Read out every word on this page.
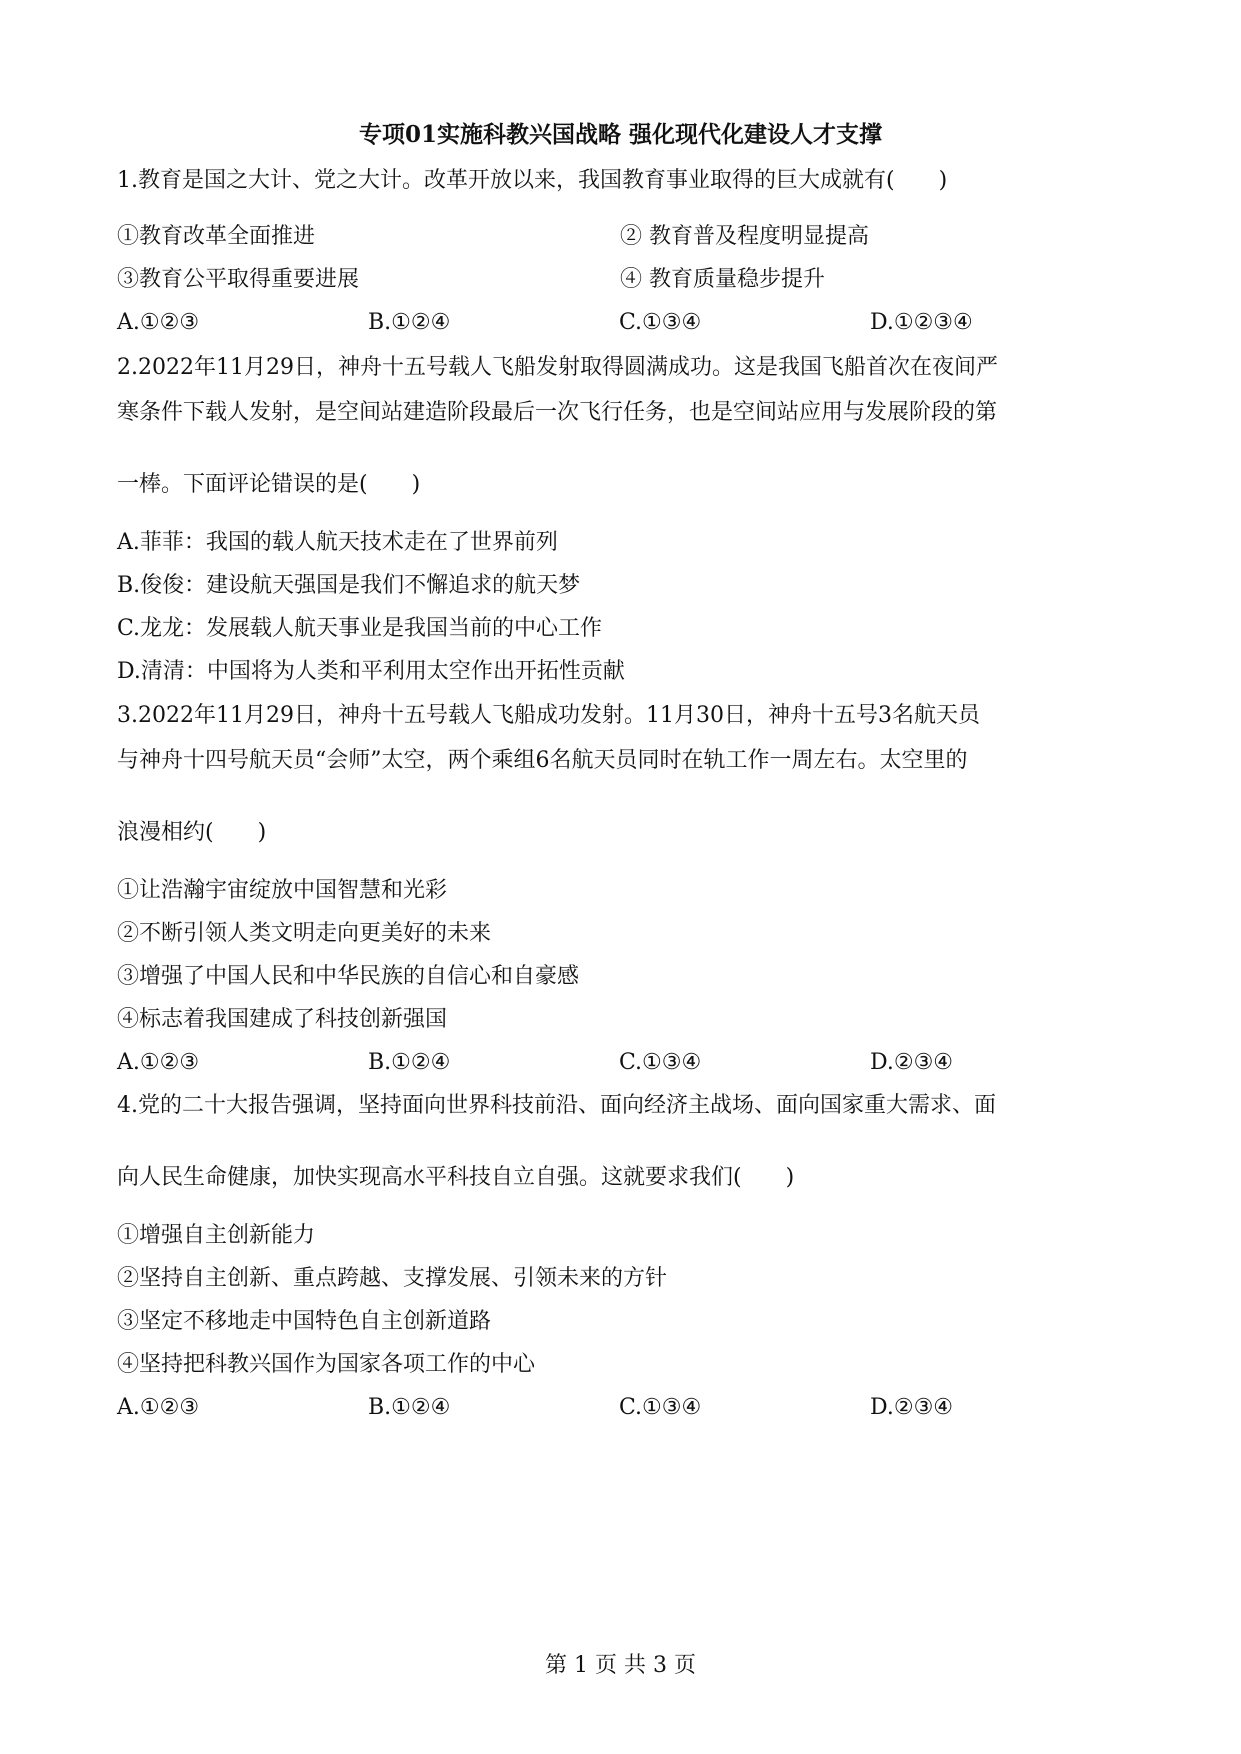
专项01实施科教兴国战略 强化现代化建设人才支撑
1.教育是国之大计、党之大计。改革开放以来，我国教育事业取得的巨大成就有(　　)
①教育改革全面推进	② 教育普及程度明显提高
③教育公平取得重要进展	④ 教育质量稳步提升
A.①②③	B.①②④	C.①③④	D.①②③④
2.2022年11月29日，神舟十五号载人飞船发射取得圆满成功。这是我国飞船首次在夜间严
寒条件下载人发射，是空间站建造阶段最后一次飞行任务，也是空间站应用与发展阶段的第
一棒。下面评论错误的是(　　)
A.菲菲：我国的载人航天技术走在了世界前列
B.俊俊：建设航天强国是我们不懈追求的航天梦
C.龙龙：发展载人航天事业是我国当前的中心工作
D.清清：中国将为人类和平利用太空作出开拓性贡献
3.2022年11月29日，神舟十五号载人飞船成功发射。11月30日，神舟十五号3名航天员
与神舟十四号航天员“会师”太空，两个乘组6名航天员同时在轨工作一周左右。太空里的
浪漫相约(　　)
①让浩瀚宇宙绽放中国智慧和光彩
②不断引领人类文明走向更美好的未来
③增强了中国人民和中华民族的自信心和自豪感
④标志着我国建成了科技创新强国
A.①②③	B.①②④	C.①③④	D.②③④
4.党的二十大报告强调，坚持面向世界科技前沿、面向经济主战场、面向国家重大需求、面
向人民生命健康，加快实现高水平科技自立自强。这就要求我们(　　)
①增强自主创新能力
②坚持自主创新、重点跨越、支撑发展、引领未来的方针
③坚定不移地走中国特色自主创新道路
④坚持把科教兴国作为国家各项工作的中心
A.①②③	B.①②④	C.①③④	D.②③④
第 1 页 共 3 页
